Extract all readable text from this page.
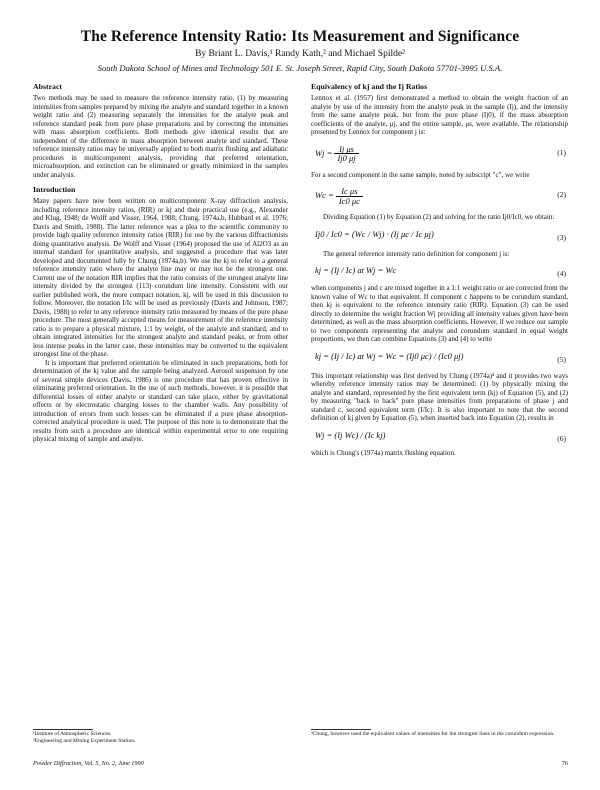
The Reference Intensity Ratio: Its Measurement and Significance
By Briant L. Davis,¹ Randy Kath,² and Michael Spilde²
South Dakota School of Mines and Technology 501 E. St. Joseph Street, Rapid City, South Dakota 57701-3995 U.S.A.
Abstract

Two methods may be used to measure the reference intensity ratio, (1) by measuring intensities from samples prepared by mixing the analyte and standard together in a known weight ratio and (2) measuring separately the intensities for the analyte peak and reference standard peak from pure phase preparations and by correcting the intensities with mass absorption coefficients. Both methods give identical results that are independent of the difference in mass absorption between analyte and standard. These reference intensity ratios may be universally applied to both matrix flushing and adiabatic procedures in multicomponent analysis, providing that preferred orientation, microabsorption, and extinction can be eliminated or greatly minimized in the samples under analysis.

Introduction

Many papers have now been written on multicomponent X-ray diffraction analysis, including reference intensity ratios, (RIR) or kj and their practical use (e.g., Alexander and Klug, 1948; de Wolff and Visser, 1964, 1988; Chung, 1974a,b, Hubbard et al. 1976; Davis and Smith, 1988). The latter reference was a plea to the scientific community to provide high quality reference intensity ratios (RIR) for use by the various diffractionists doing quantitative analysis. De Wolff and Visser (1964) proposed the use of Al2O3 as an internal standard for quantitative analysis, and suggested a procedure that was later developed and documented fully by Chung (1974a,b). We use the kj to refer to a general reference intensity ratio where the analyte line may or may not be the strongest one. Current use of the notation RIR implies that the ratio consists of the strongest analyte line intensity divided by the strongest (113) corundum line intensity. Consistent with our earlier published work, the more compact notation, kj, will be used in this discussion to follow. Moreover, the notation I/Ic will be used as previously (Davis and Johnson, 1987; Davis, 1988) to refer to any reference intensity ratio measured by means of the pure phase procedure. The most generally accepted means for measurement of the reference intensity ratio is to prepare a physical mixture, 1:1 by weight, of the analyte and standard, and to obtain integrated intensities for the strongest analyte and standard peaks, or from other less intense peaks in the latter case, these intensities may be converted to the equivalent strongest line of the phase.

It is important that preferred orientation be eliminated in such preparations, both for determination of the kj value and the sample being analyzed. Aerosol suspension by one of several simple devices (Davis, 1986) is one procedure that has proven effective in eliminating preferred orientation. In the use of such methods, however, it is possible that differential losses of either analyte or standard can take place, either by gravitational effects or by electrostatic charging losses to the chamber walls. Any possibility of introduction of errors from such losses can be eliminated if a pure phase absorption-corrected analytical procedure is used. The purpose of this note is to demonstrate that the results from such a procedure are identical within experimental error to one requiring physical mixing of sample and analyte.

¹Institute of Atmospheric Sciences.
²Engineering and Mining Experiment Station.
Equivalency of kj and the Ij Ratios

Lennox et al. (1957) first demonstrated a method to obtain the weight fraction of an analyte by use of the intensity from the analyte peak in the sample (Ij), and the intensity from the same analyte peak, but from the pure phase (Ij0), if the mass absorption coefficients of the analyte, μj, and the entire sample, μs, were available. The relationship presented by Lennox for component j is:

$Wj = \frac{\text{Ij μs}}{Ij0 \mu j}$	(1)

For a second component in the same sample, noted by subscript "c", we write

$Wc = \frac{\text{Ic μs}}{Ic0 \mu c}$	(2)

Dividing Equation (1) by Equation (2) and solving for the ratio Ij0/Ic0, we obtain:

Ij0 / Ic0 = (Wc / Wj) · (Ij μc / Ic μj)	(3)

The general reference intensity ratio definition for component j is:

kj = (Ij / Ic) at Wj = Wc	(4)

when components j and c are mixed together in a 1:1 weight ratio or are corrected from the known value of Wc to that equivalent. If component c happens to be corundum standard, then kj is equivalent to the reference intensity ratio (RIR). Equation (3) can be used directly to determine the weight fraction Wj providing all intensity values given have been determined, as well as the mass absorption coefficients. However, if we reduce our sample to two components representing the analyte and corundum standard in equal weight proportions, we then can combine Equations (3) and (4) to write

kj = (Ij / Ic) at Wj = Wc = (Ij0 μc) / (Ic0 μj)	(5)

This important relationship was first derived by Chung (1974a)³ and it provides two ways whereby reference intensity ratios may be determined: (1) by physically mixing the analyte and standard, represented by the first equivalent term (kj) of Equation (5), and (2) by measuring "back to back" pure phase intensities from preparations of phase j and standard c, second equivalent term (I/Ic). It is also important to note that the second definition of kj given by Equation (5), when inserted back into Equation (2), results in

Wj = (Ij Wc) / (Ic kj)	(6)

which is Chung's (1974a) matrix flushing equation.

³Chung, however used the equivalent values of intensities for the strongest lines in the corundum expression.
Powder Diffraction, Vol. 5, No. 2, June 1990	76
